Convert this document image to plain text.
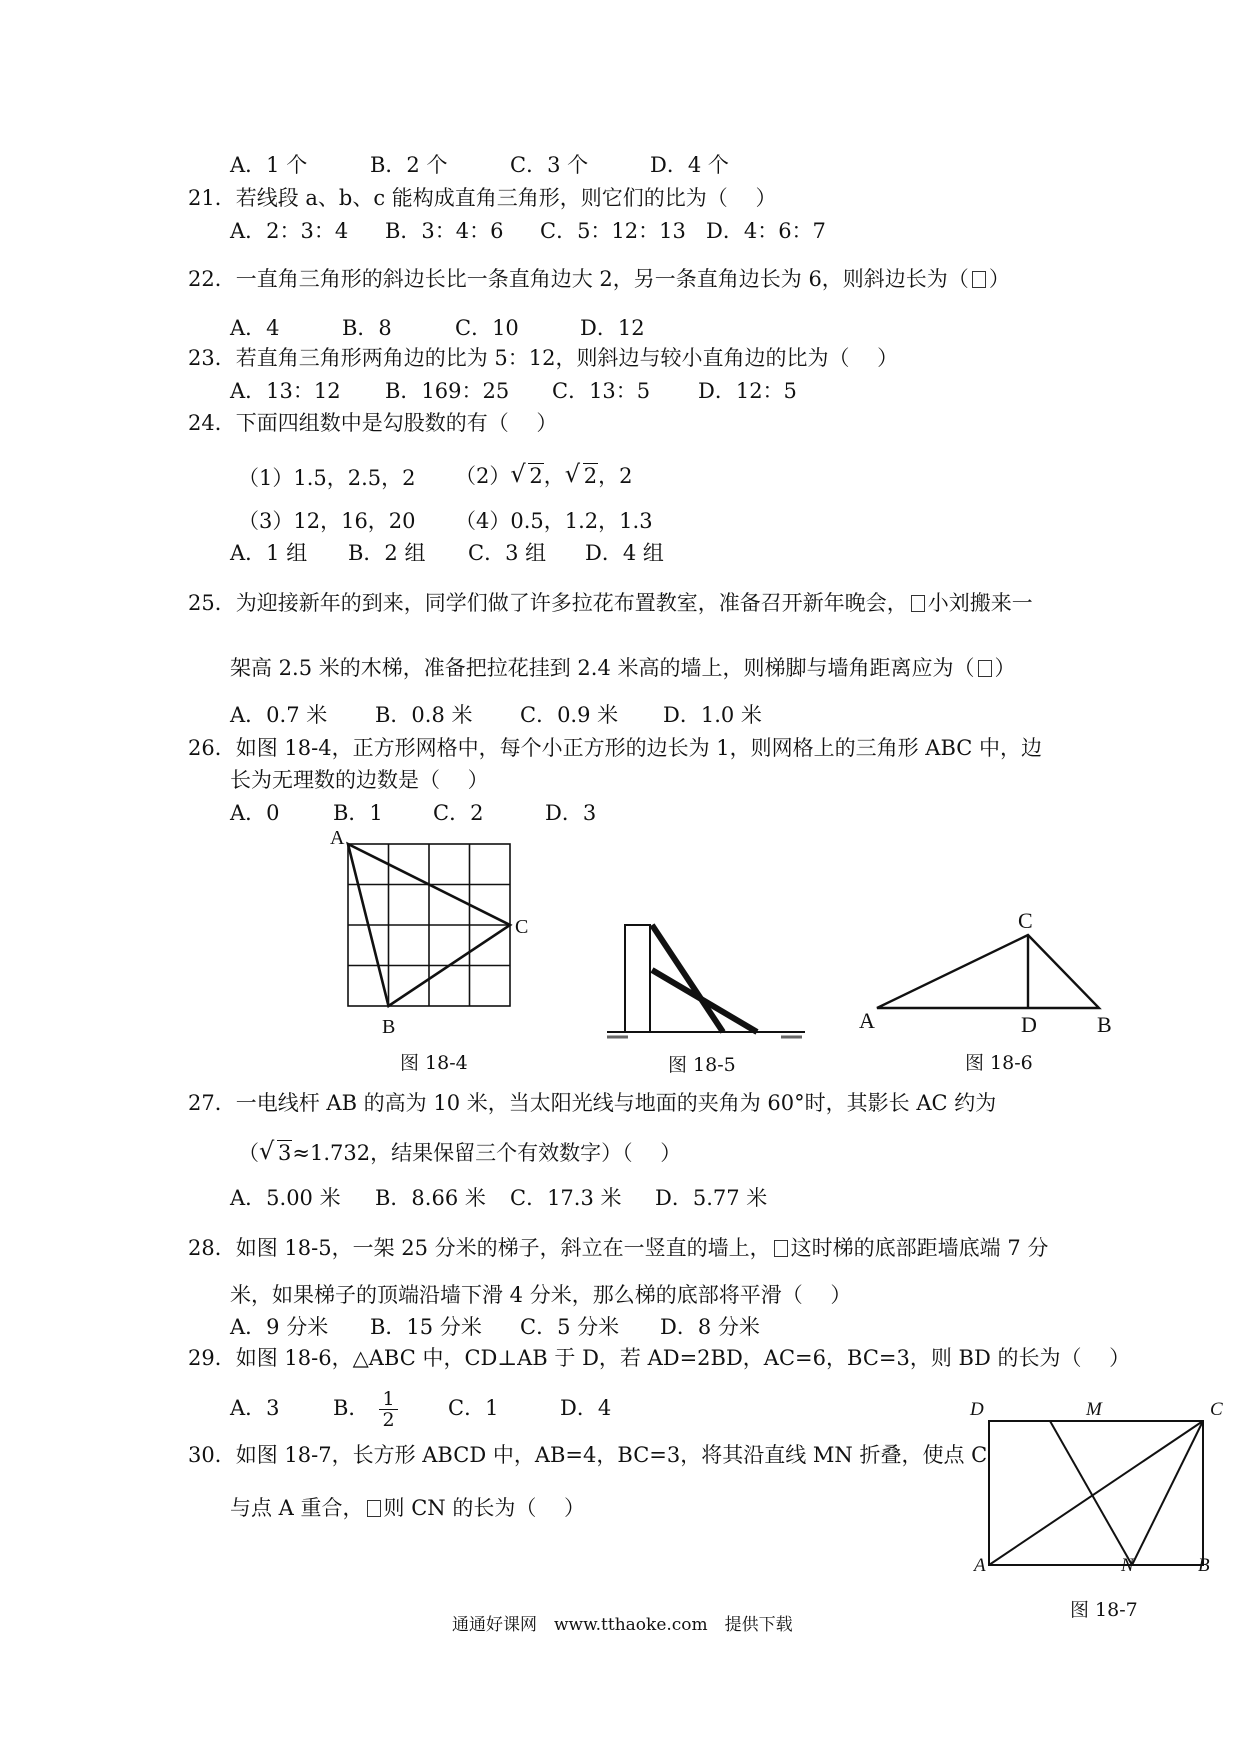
A．1 个	B．2 个	C．3 个	D．4 个
21．若线段 a、b、c 能构成直角三角形，则它们的比为（　 ）
A．2：3：4 B．3：4：6 C．5：12：13 D．4：6：7
22．一直角三角形的斜边长比一条直角边大 2，另一条直角边长为 6，则斜边长为（ ）
A．4	B．8	C．10	D．12
23．若直角三角形两角边的比为 5：12，则斜边与较小直角边的比为（　 ）
A．13：12 B．169：25 C．13：5 D．12：5
24．下面四组数中是勾股数的有（　 ）
（1）1.5，2.5，2 （2） √ 2， √ 2，2
（3）12，16，20 （4）0.5，1.2，1.3
A．1 组 B．2 组 C．3 组 D．4 组
25．为迎接新年的到来，同学们做了许多拉花布置教室，准备召开新年晚会， 小刘搬来一
架高 2.5 米的木梯，准备把拉花挂到 2.4 米高的墙上，则梯脚与墙角距离应为（ ）
A．0.7 米 B．0.8 米 C．0.9 米 D．1.0 米
26．如图 18-4，正方形网格中，每个小正方形的边长为 1，则网格上的三角形 ABC 中，边
长为无理数的边数是（　 ）
A．0	B．1 C．2	D．3
A
B
C
图 18-4	图 18-5
A	B
C
D
图 18-6
27．一电线杆 AB 的高为 10 米，当太阳光线与地面的夹角为 60°时，其影长 AC 约为
（ √ 3≈1.732，结果保留三个有效数字）（　 ）
A．5.00 米 B．8.66 米 C．17.3 米 D．5.77 米
28．如图 18-5，一架 25 分米的梯子，斜立在一竖直的墙上， 这时梯的底部距墙底端 7 分
米，如果梯子的顶端沿墙下滑 4 分米，那么梯的底部将平滑（　 ）
A．9 分米 B．15 分米 C．5 分米 D．8 分米
29．如图 18-6，△ABC 中，CD⊥AB 于 D，若 AD=2BD，AC=6，BC=3，则 BD 的长为（　 ）
A．3	B． $\frac{1}{2}$ C．1	D．4
30．如图 18-7，长方形 ABCD 中，AB=4，BC=3，将其沿直线 MN 折叠，使点 C
与点 A 重合， 则 CN 的长为（　 ）
D	M	C
A	N	B
图 18-7
通通好课网　www.tthaoke.com　提供下载
